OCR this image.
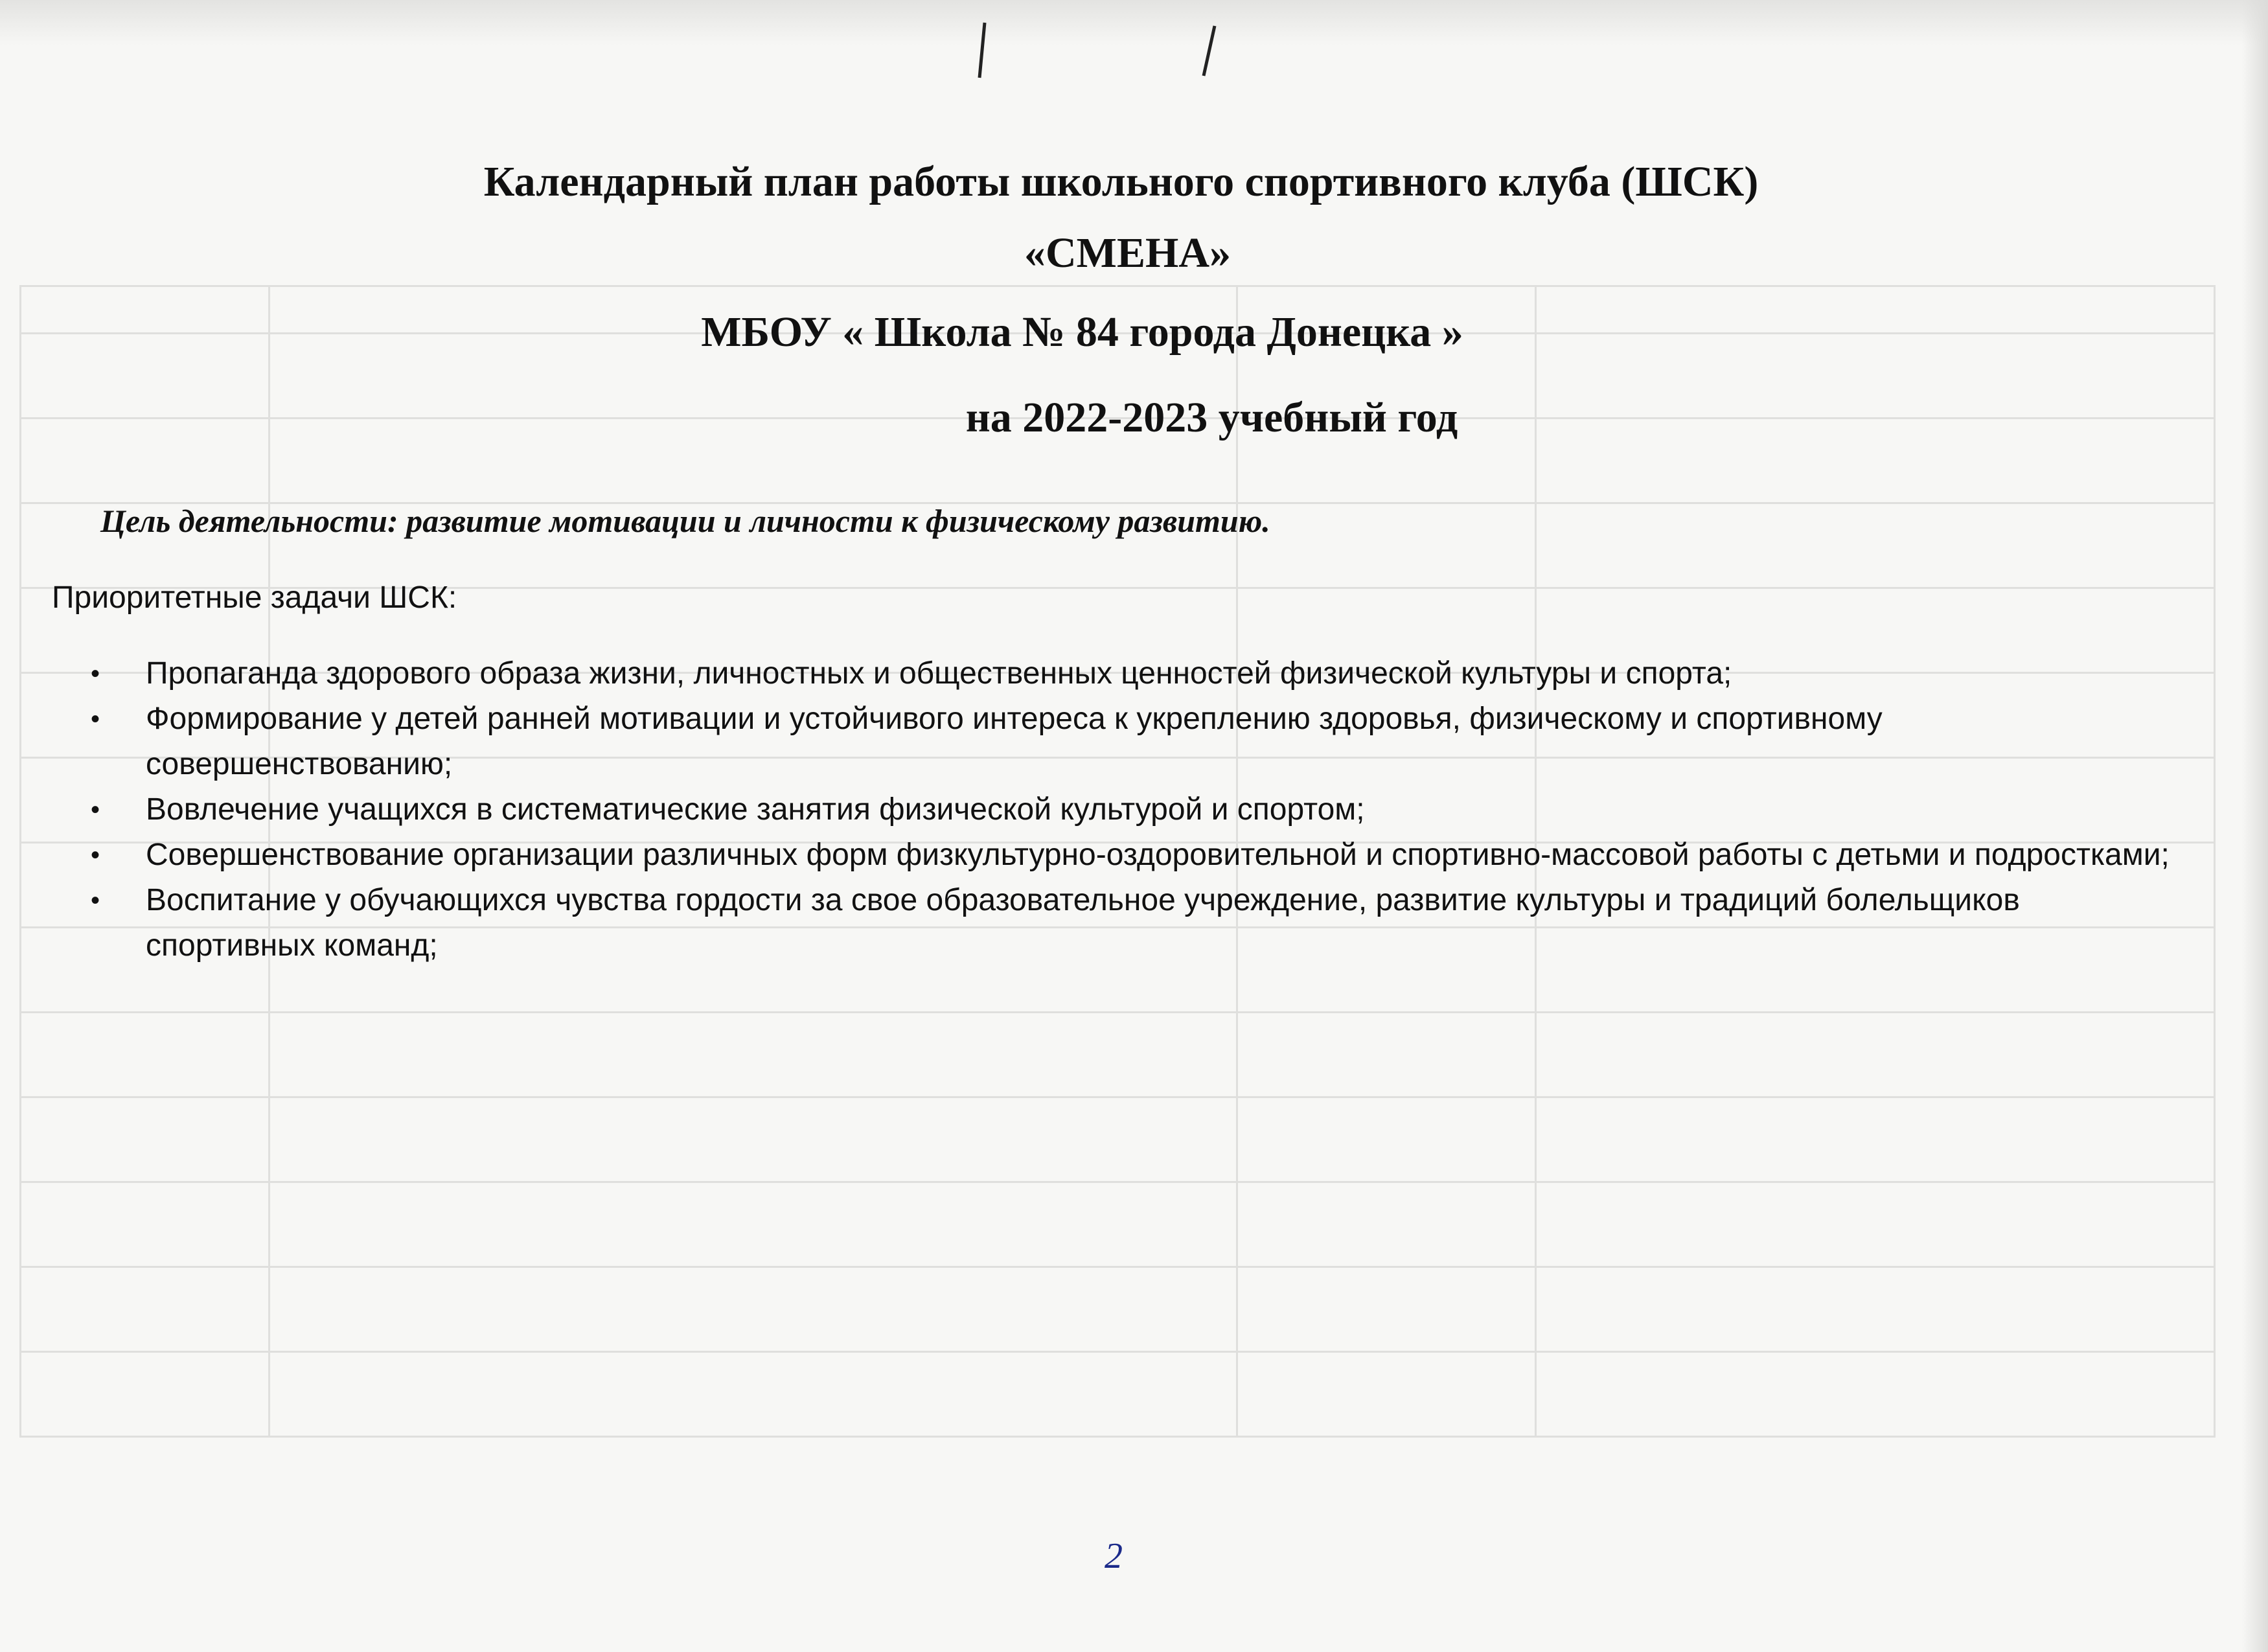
Календарный план работы школьного спортивного клуба (ШСК)
«СМЕНА»
МБОУ « Школа № 84 города Донецка »
на 2022-2023 учебный год

Цель деятельности: развитие мотивации и личности к физическому развитию.

Приоритетные задачи ШСК:

• Пропаганда здорового образа жизни, личностных и общественных ценностей физической культуры и спорта;
• Формирование у детей ранней мотивации и устойчивого интереса к укреплению здоровья, физическому и спортивному совершенствованию;
• Вовлечение учащихся в систематические занятия физической культурой и спортом;
• Совершенствование организации различных форм физкультурно-оздоровительной и спортивно-массовой работы с детьми и подростками;
• Воспитание у обучающихся чувства гордости за свое образовательное учреждение, развитие культуры и традиций болельщиков спортивных команд;

2
